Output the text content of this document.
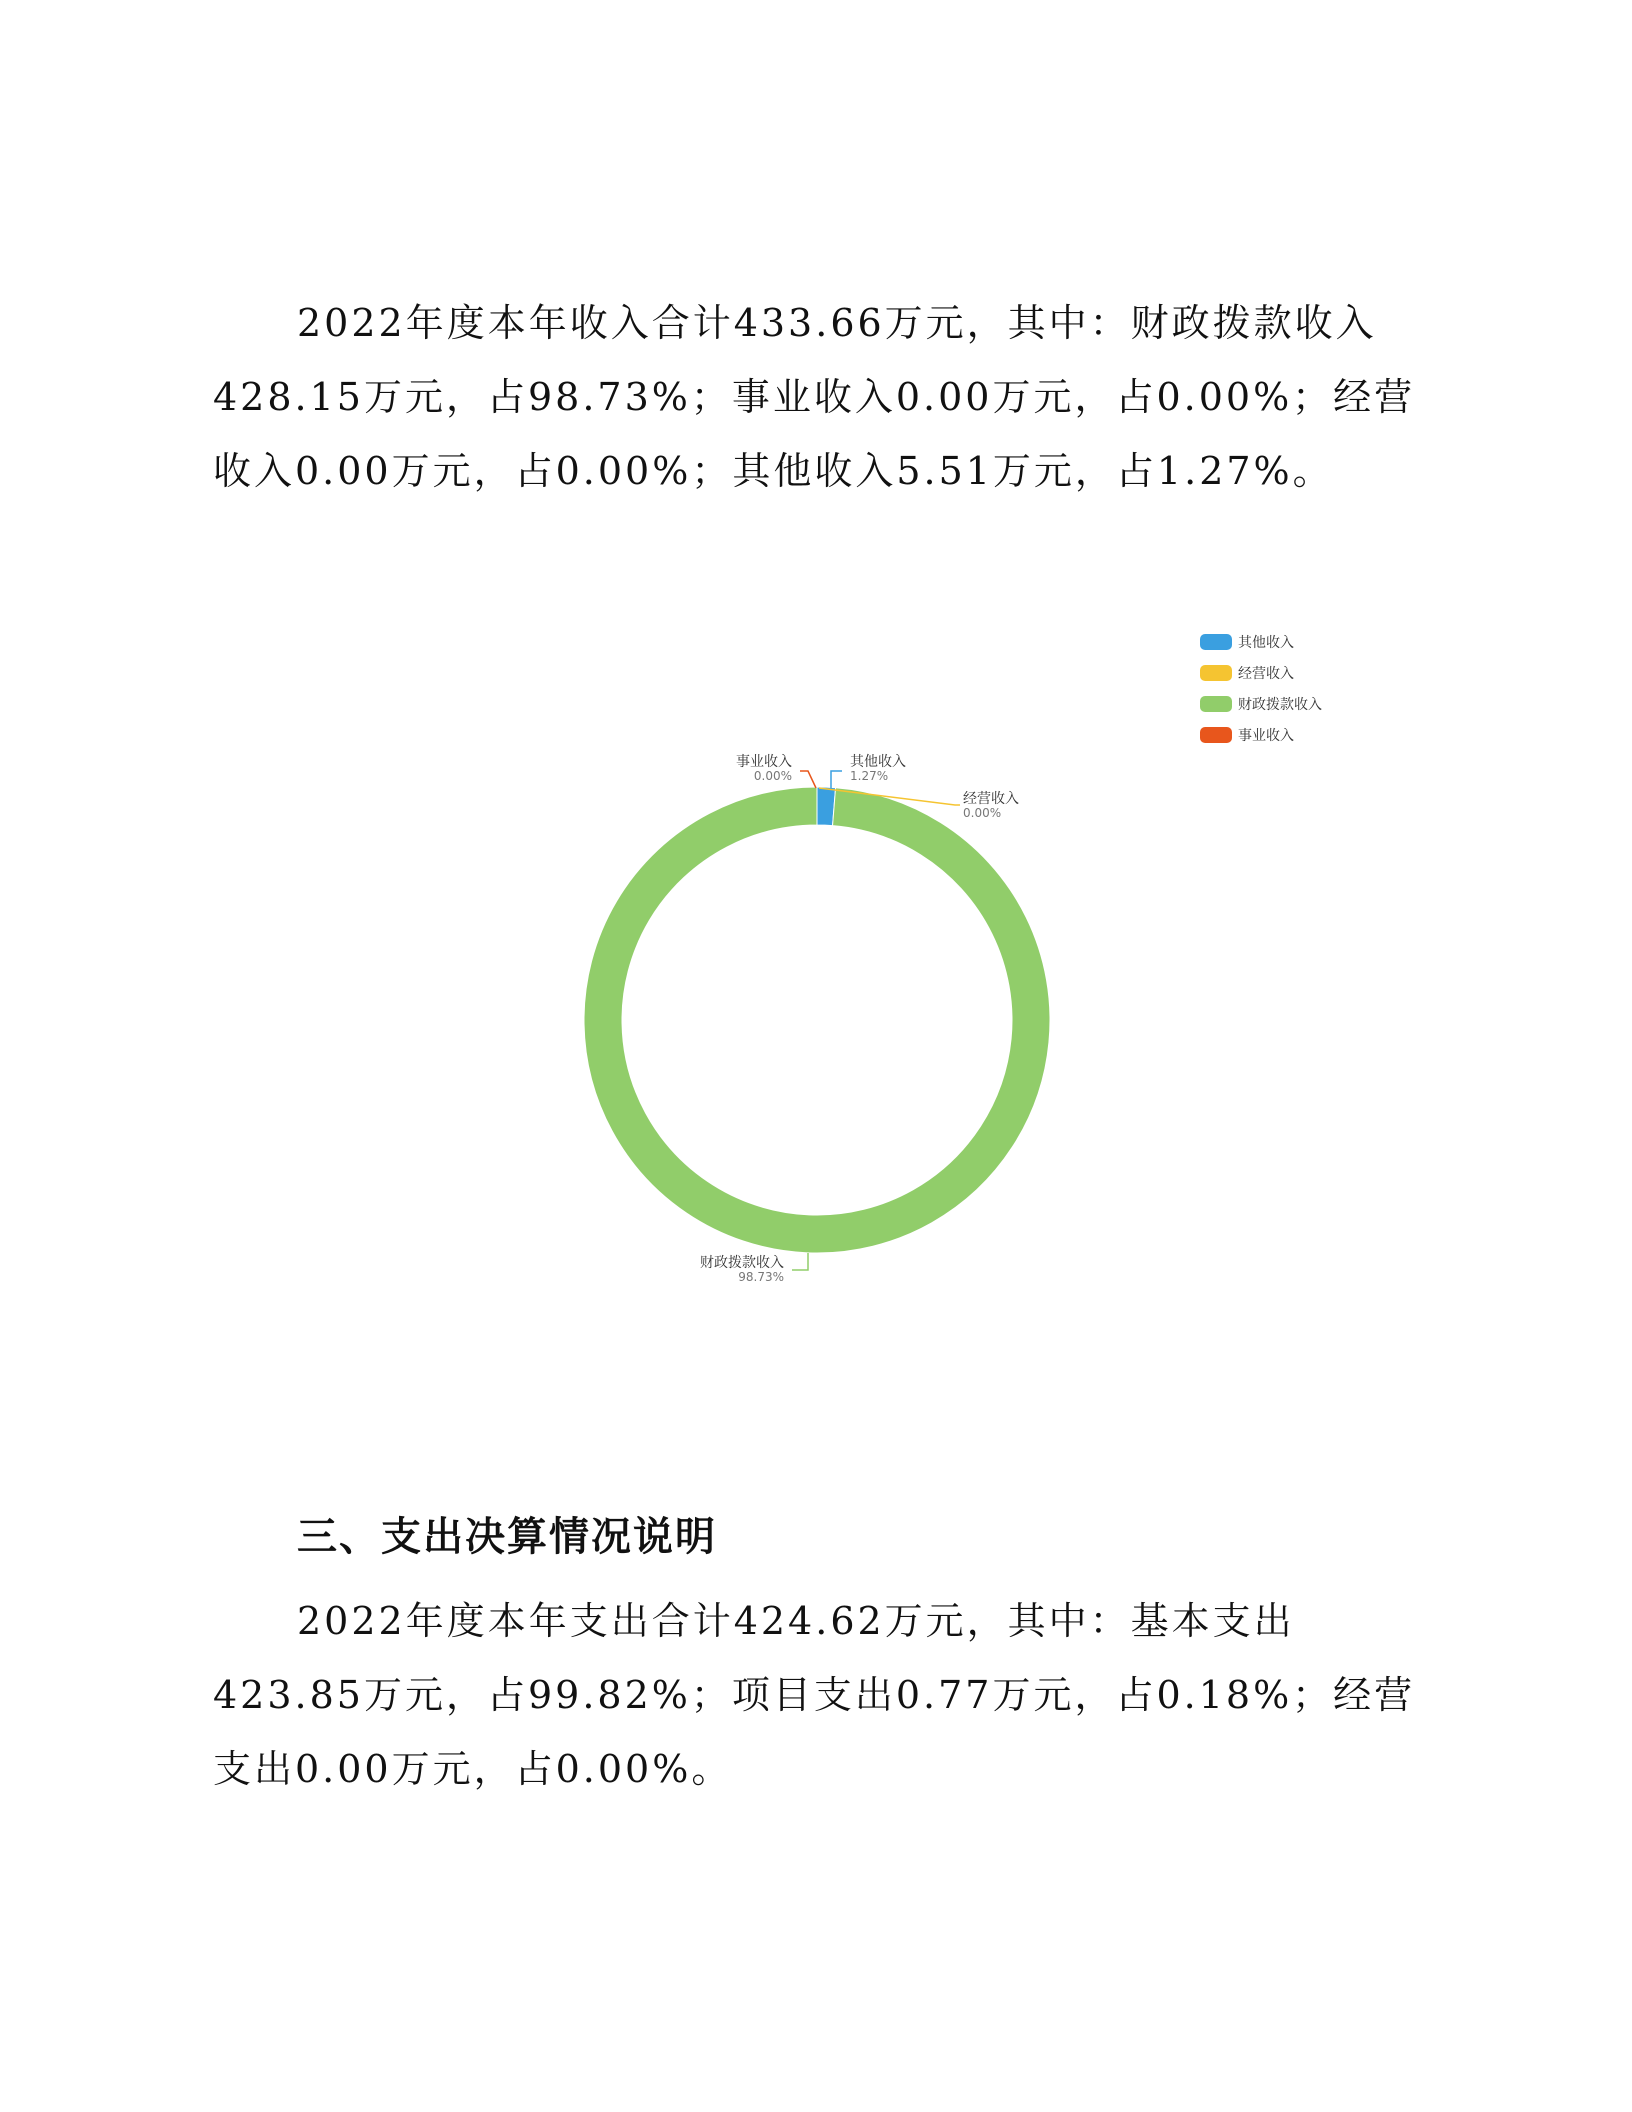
2022年度本年收入合计433.66万元，其中：财政拨款收入428.15万元，占98.73%；事业收入0.00万元，占0.00%；经营收入0.00万元，占0.00%；其他收入5.51万元，占1.27%。

其他收入
经营收入
财政拨款收入
事业收入
其他收入
1.27%
经营收入
0.00%
财政拨款收入
98.73%
事业收入
0.00%
三、支出决算情况说明

2022年度本年支出合计424.62万元，其中：基本支出423.85万元，占99.82%；项目支出0.77万元，占0.18%；经营支出0.00万元，占0.00%。
